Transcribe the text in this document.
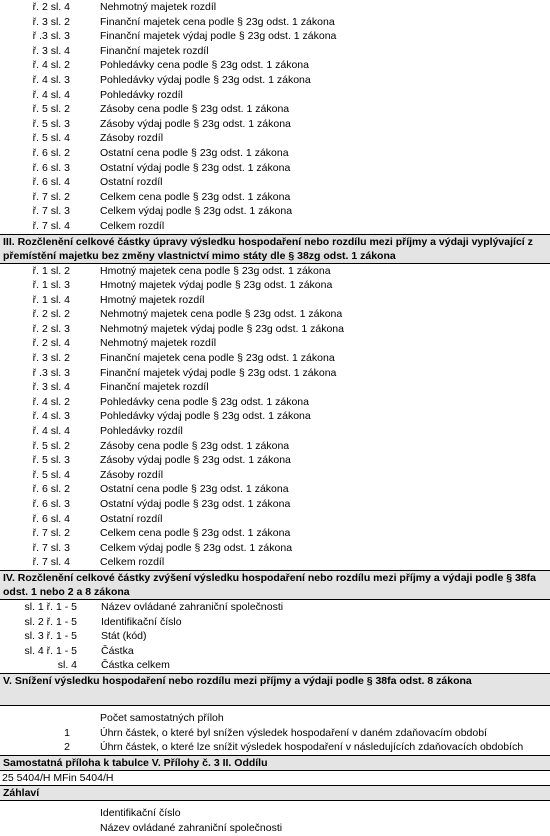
ř. 2 sl. 4	Nehmotný majetek rozdíl
ř. 3 sl. 2	Finanční majetek cena podle § 23g odst. 1 zákona
ř .3 sl. 3	Finanční majetek výdaj podle § 23g odst. 1 zákona
ř. 3 sl. 4	Finanční majetek rozdíl
ř. 4 sl. 2	Pohledávky cena podle § 23g odst. 1 zákona
ř. 4 sl. 3	Pohledávky výdaj podle § 23g odst. 1 zákona
ř. 4 sl. 4	Pohledávky rozdíl
ř. 5 sl. 2	Zásoby cena podle § 23g odst. 1 zákona
ř. 5 sl. 3	Zásoby výdaj podle § 23g odst. 1 zákona
ř. 5 sl. 4	Zásoby rozdíl
ř. 6 sl. 2	Ostatní cena podle § 23g odst. 1 zákona
ř. 6 sl. 3	Ostatní výdaj podle § 23g odst. 1 zákona
ř. 6 sl. 4	Ostatní rozdíl
ř. 7 sl. 2	Celkem cena podle § 23g odst. 1 zákona
ř. 7 sl. 3	Celkem výdaj podle § 23g odst. 1 zákona
ř. 7 sl. 4	Celkem rozdíl
III. Rozčlenění celkové částky úpravy výsledku hospodaření nebo rozdílu mezi příjmy a výdaji vyplývající z přemístění majetku bez změny vlastnictví mimo státy dle § 38zg odst. 1 zákona
ř. 1 sl. 2	Hmotný majetek cena podle § 23g odst. 1 zákona
ř. 1 sl. 3	Hmotný majetek výdaj podle § 23g odst. 1 zákona
ř. 1 sl. 4	Hmotný majetek rozdíl
ř. 2 sl. 2	Nehmotný majetek cena podle § 23g odst. 1 zákona
ř. 2 sl. 3	Nehmotný majetek výdaj podle § 23g odst. 1 zákona
ř. 2 sl. 4	Nehmotný majetek rozdíl
ř. 3 sl. 2	Finanční majetek cena podle § 23g odst. 1 zákona
ř .3 sl. 3	Finanční majetek výdaj podle § 23g odst. 1 zákona
ř. 3 sl. 4	Finanční majetek rozdíl
ř. 4 sl. 2	Pohledávky cena podle § 23g odst. 1 zákona
ř. 4 sl. 3	Pohledávky výdaj podle § 23g odst. 1 zákona
ř. 4 sl. 4	Pohledávky rozdíl
ř. 5 sl. 2	Zásoby cena podle § 23g odst. 1 zákona
ř. 5 sl. 3	Zásoby výdaj podle § 23g odst. 1 zákona
ř. 5 sl. 4	Zásoby rozdíl
ř. 6 sl. 2	Ostatní cena podle § 23g odst. 1 zákona
ř. 6 sl. 3	Ostatní výdaj podle § 23g odst. 1 zákona
ř. 6 sl. 4	Ostatní rozdíl
ř. 7 sl. 2	Celkem cena podle § 23g odst. 1 zákona
ř. 7 sl. 3	Celkem výdaj podle § 23g odst. 1 zákona
ř. 7 sl. 4	Celkem rozdíl
IV. Rozčlenění celkové částky zvýšení výsledku hospodaření nebo rozdílu mezi příjmy a výdaji podle § 38fa odst. 1 nebo 2 a 8 zákona
sl. 1 ř. 1 - 5 Název ovládané zahraniční společnosti
sl. 2 ř. 1 - 5 Identifikační číslo
sl. 3 ř. 1 - 5 Stát (kód)
sl. 4 ř. 1 - 5 Částka
sl. 4 Částka celkem
V. Snížení výsledku hospodaření nebo rozdílu mezi příjmy a výdaji podle § 38fa odst. 8 zákona
Počet samostatných příloh
1	Úhrn částek, o které byl snížen výsledek hospodaření v daném zdaňovacím období
2	Úhrn částek, o které lze snížit výsledek hospodaření v následujících zdaňovacích obdobích
Samostatná příloha k tabulce V. Přílohy č. 3 II. Oddílu
25 5404/H MFin 5404/H
Záhlaví
Identifikační číslo
Název ovládané zahraniční společnosti
